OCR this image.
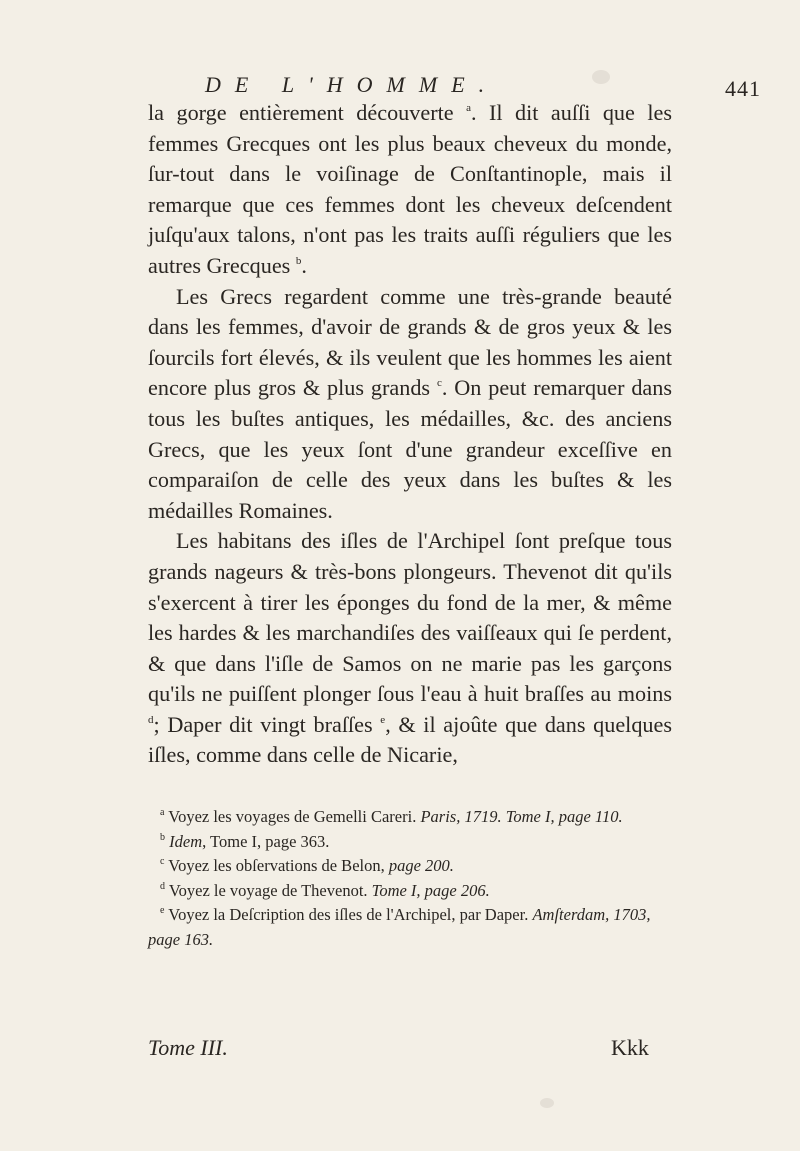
DE L'HOMME.	441

la gorge entièrement découverte $^a$. Il dit auſſi que les femmes Grecques ont les plus beaux cheveux du monde, ſur-tout dans le voiſinage de Conſtantinople, mais il remarque que ces femmes dont les cheveux deſcendent juſqu'aux talons, n'ont pas les traits auſſi réguliers que les autres Grecques $^b$.

Les Grecs regardent comme une très-grande beauté dans les femmes, d'avoir de grands & de gros yeux & les ſourcils fort élevés, & ils veulent que les hommes les aient encore plus gros & plus grands $^c$. On peut remarquer dans tous les buſtes antiques, les médailles, &c. des anciens Grecs, que les yeux ſont d'une grandeur exceſſive en comparaiſon de celle des yeux dans les buſtes & les médailles Romaines.

Les habitans des iſles de l'Archipel ſont preſque tous grands nageurs & très-bons plongeurs. Thevenot dit qu'ils s'exercent à tirer les éponges du fond de la mer, & même les hardes & les marchandiſes des vaiſſeaux qui ſe perdent, & que dans l'iſle de Samos on ne marie pas les garçons qu'ils ne puiſſent plonger ſous l'eau à huit braſſes au moins $^d$; Daper dit vingt braſſes $^e$, & il ajoûte que dans quelques iſles, comme dans celle de Nicarie,

$^a$ Voyez les voyages de Gemelli Careri. Paris, 1719. Tome I, page 110.

$^b$ Idem, Tome I, page 363.

$^c$ Voyez les obſervations de Belon, page 200.

$^d$ Voyez le voyage de Thevenot. Tome I, page 206.

$^e$ Voyez la Deſcription des iſles de l'Archipel, par Daper. Amſterdam, 1703, page 163.

Tome III.	Kkk
